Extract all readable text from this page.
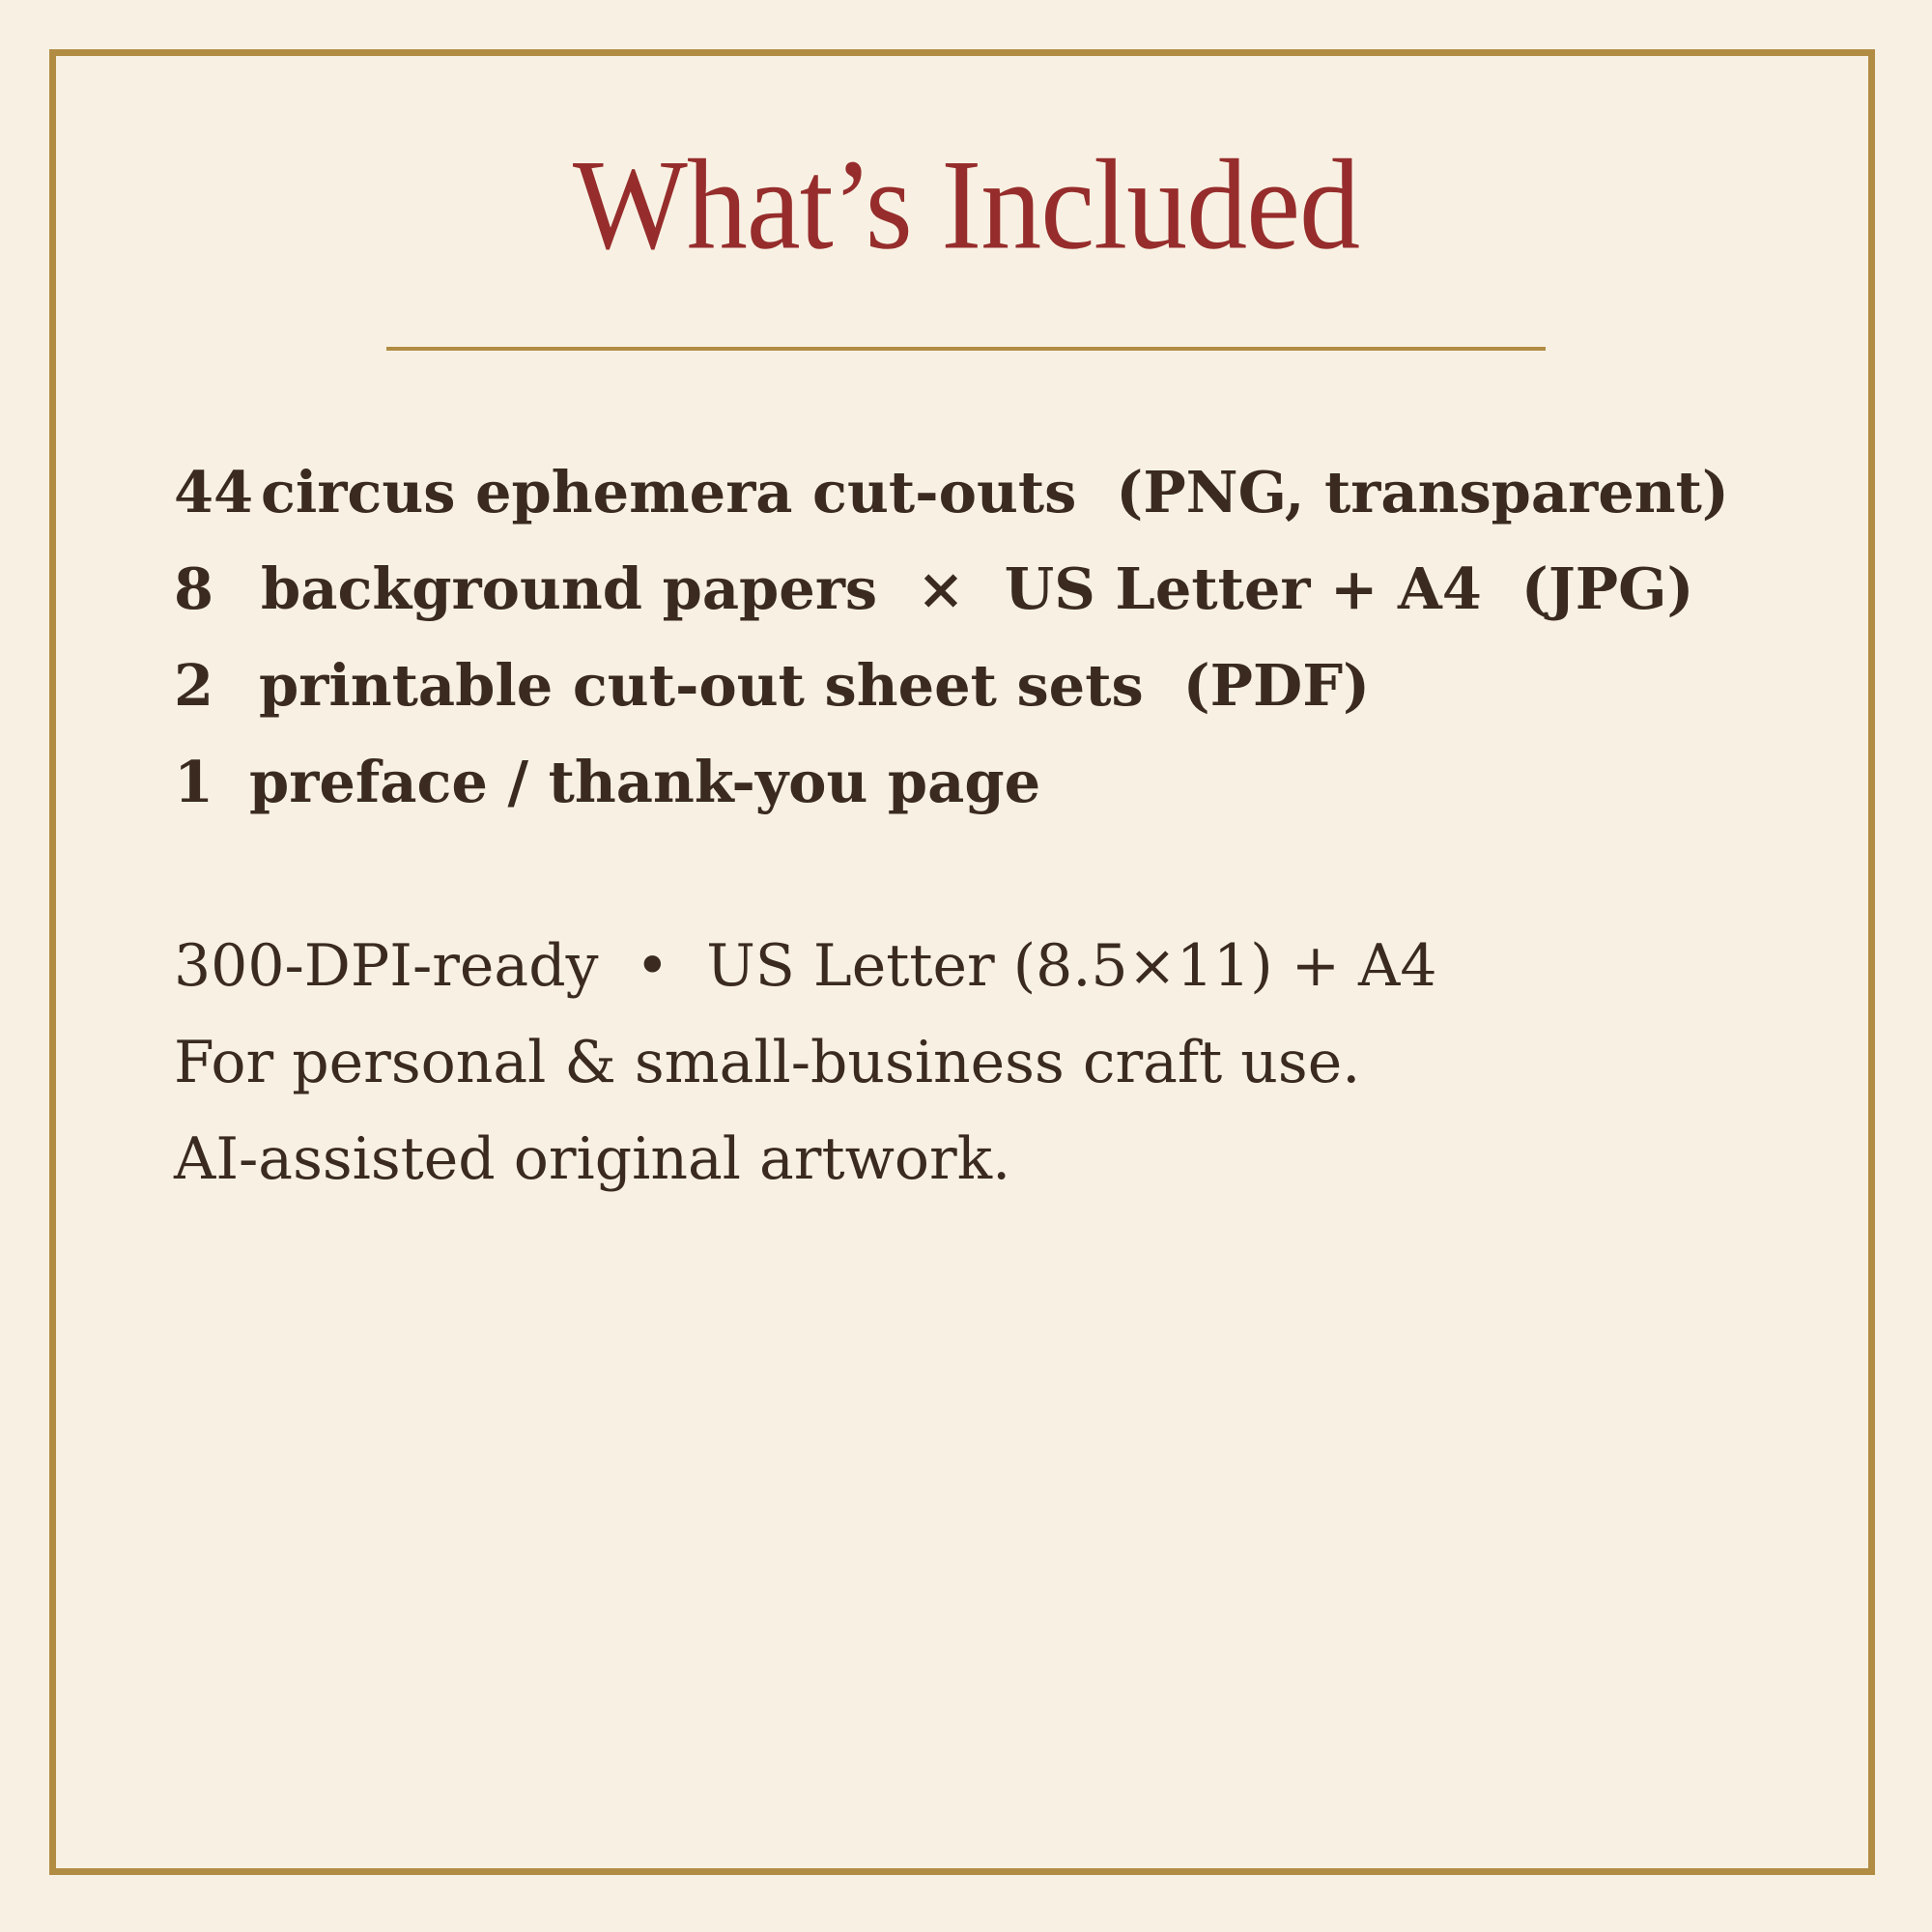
What’s Included
44 circus ephemera cut-outs  (PNG, transparent)
8 background papers  ×  US Letter + A4  (JPG)
2 printable cut-out sheet sets  (PDF)
1 preface / thank-you page
300-DPI-ready  •  US Letter (8.5×11) + A4
For personal & small-business craft use.
AI-assisted original artwork.
